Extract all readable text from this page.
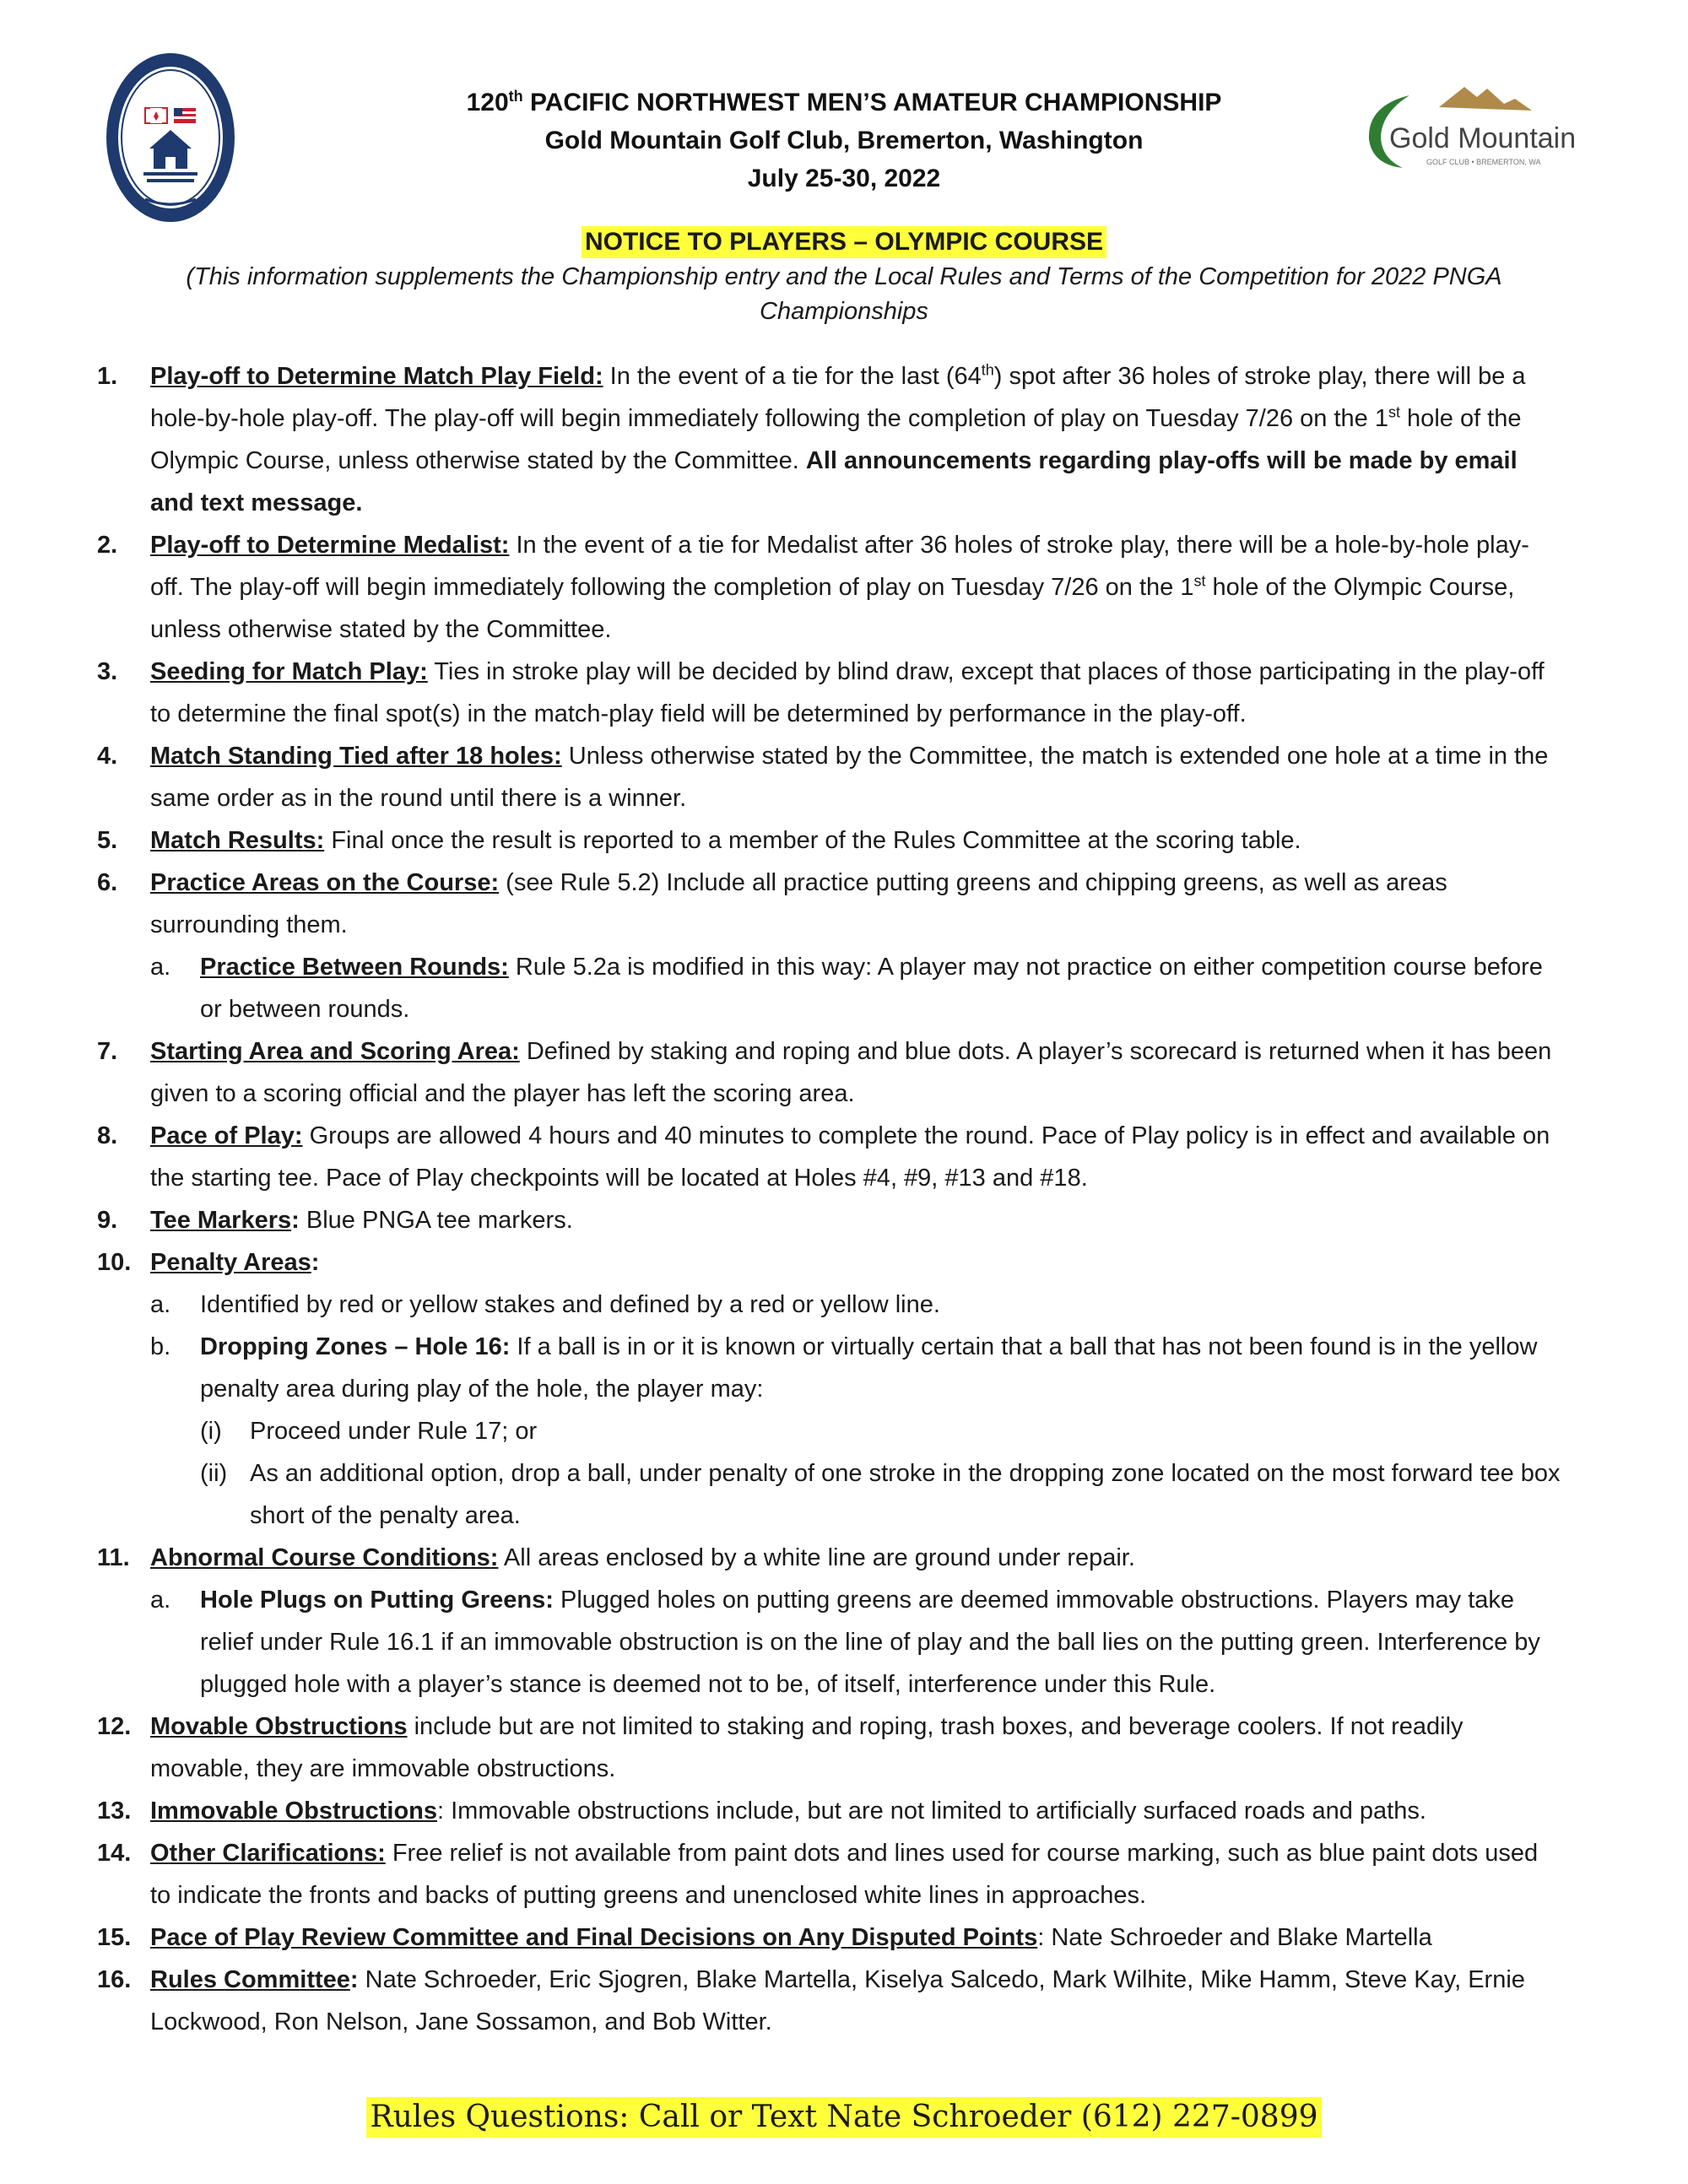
Gold Mountain
GOLF CLUB • BREMERTON, WA
120th PACIFIC NORTHWEST MEN’S AMATEUR CHAMPIONSHIP
Gold Mountain Golf Club, Bremerton, Washington
July 25-30, 2022
NOTICE TO PLAYERS – OLYMPIC COURSE
(This information supplements the Championship entry and the Local Rules and Terms of the Competition for 2022 PNGA Championships
1. Play-off to Determine Match Play Field: In the event of a tie for the last (64th) spot after 36 holes of stroke play, there will be a hole-by-hole play-off. The play-off will begin immediately following the completion of play on Tuesday 7/26 on the 1st hole of the Olympic Course, unless otherwise stated by the Committee. All announcements regarding play-offs will be made by email and text message.
2. Play-off to Determine Medalist: In the event of a tie for Medalist after 36 holes of stroke play, there will be a hole-by-hole play-off. The play-off will begin immediately following the completion of play on Tuesday 7/26 on the 1st hole of the Olympic Course, unless otherwise stated by the Committee.
3. Seeding for Match Play: Ties in stroke play will be decided by blind draw, except that places of those participating in the play-off to determine the final spot(s) in the match-play field will be determined by performance in the play-off.
4. Match Standing Tied after 18 holes: Unless otherwise stated by the Committee, the match is extended one hole at a time in the same order as in the round until there is a winner.
5. Match Results: Final once the result is reported to a member of the Rules Committee at the scoring table.
6. Practice Areas on the Course: (see Rule 5.2) Include all practice putting greens and chipping greens, as well as areas surrounding them.
a. Practice Between Rounds: Rule 5.2a is modified in this way: A player may not practice on either competition course before or between rounds.
7. Starting Area and Scoring Area: Defined by staking and roping and blue dots. A player’s scorecard is returned when it has been given to a scoring official and the player has left the scoring area.
8. Pace of Play: Groups are allowed 4 hours and 40 minutes to complete the round. Pace of Play policy is in effect and available on the starting tee. Pace of Play checkpoints will be located at Holes #4, #9, #13 and #18.
9. Tee Markers: Blue PNGA tee markers.
10. Penalty Areas:
a. Identified by red or yellow stakes and defined by a red or yellow line.
b. Dropping Zones – Hole 16: If a ball is in or it is known or virtually certain that a ball that has not been found is in the yellow penalty area during play of the hole, the player may:
(i) Proceed under Rule 17; or
(ii) As an additional option, drop a ball, under penalty of one stroke in the dropping zone located on the most forward tee box short of the penalty area.
11. Abnormal Course Conditions: All areas enclosed by a white line are ground under repair.
a. Hole Plugs on Putting Greens: Plugged holes on putting greens are deemed immovable obstructions. Players may take relief under Rule 16.1 if an immovable obstruction is on the line of play and the ball lies on the putting green. Interference by plugged hole with a player’s stance is deemed not to be, of itself, interference under this Rule.
12. Movable Obstructions include but are not limited to staking and roping, trash boxes, and beverage coolers. If not readily movable, they are immovable obstructions.
13. Immovable Obstructions: Immovable obstructions include, but are not limited to artificially surfaced roads and paths.
14. Other Clarifications: Free relief is not available from paint dots and lines used for course marking, such as blue paint dots used to indicate the fronts and backs of putting greens and unenclosed white lines in approaches.
15. Pace of Play Review Committee and Final Decisions on Any Disputed Points: Nate Schroeder and Blake Martella
16. Rules Committee: Nate Schroeder, Eric Sjogren, Blake Martella, Kiselya Salcedo, Mark Wilhite, Mike Hamm, Steve Kay, Ernie Lockwood, Ron Nelson, Jane Sossamon, and Bob Witter.
Rules Questions: Call or Text Nate Schroeder (612) 227-0899
